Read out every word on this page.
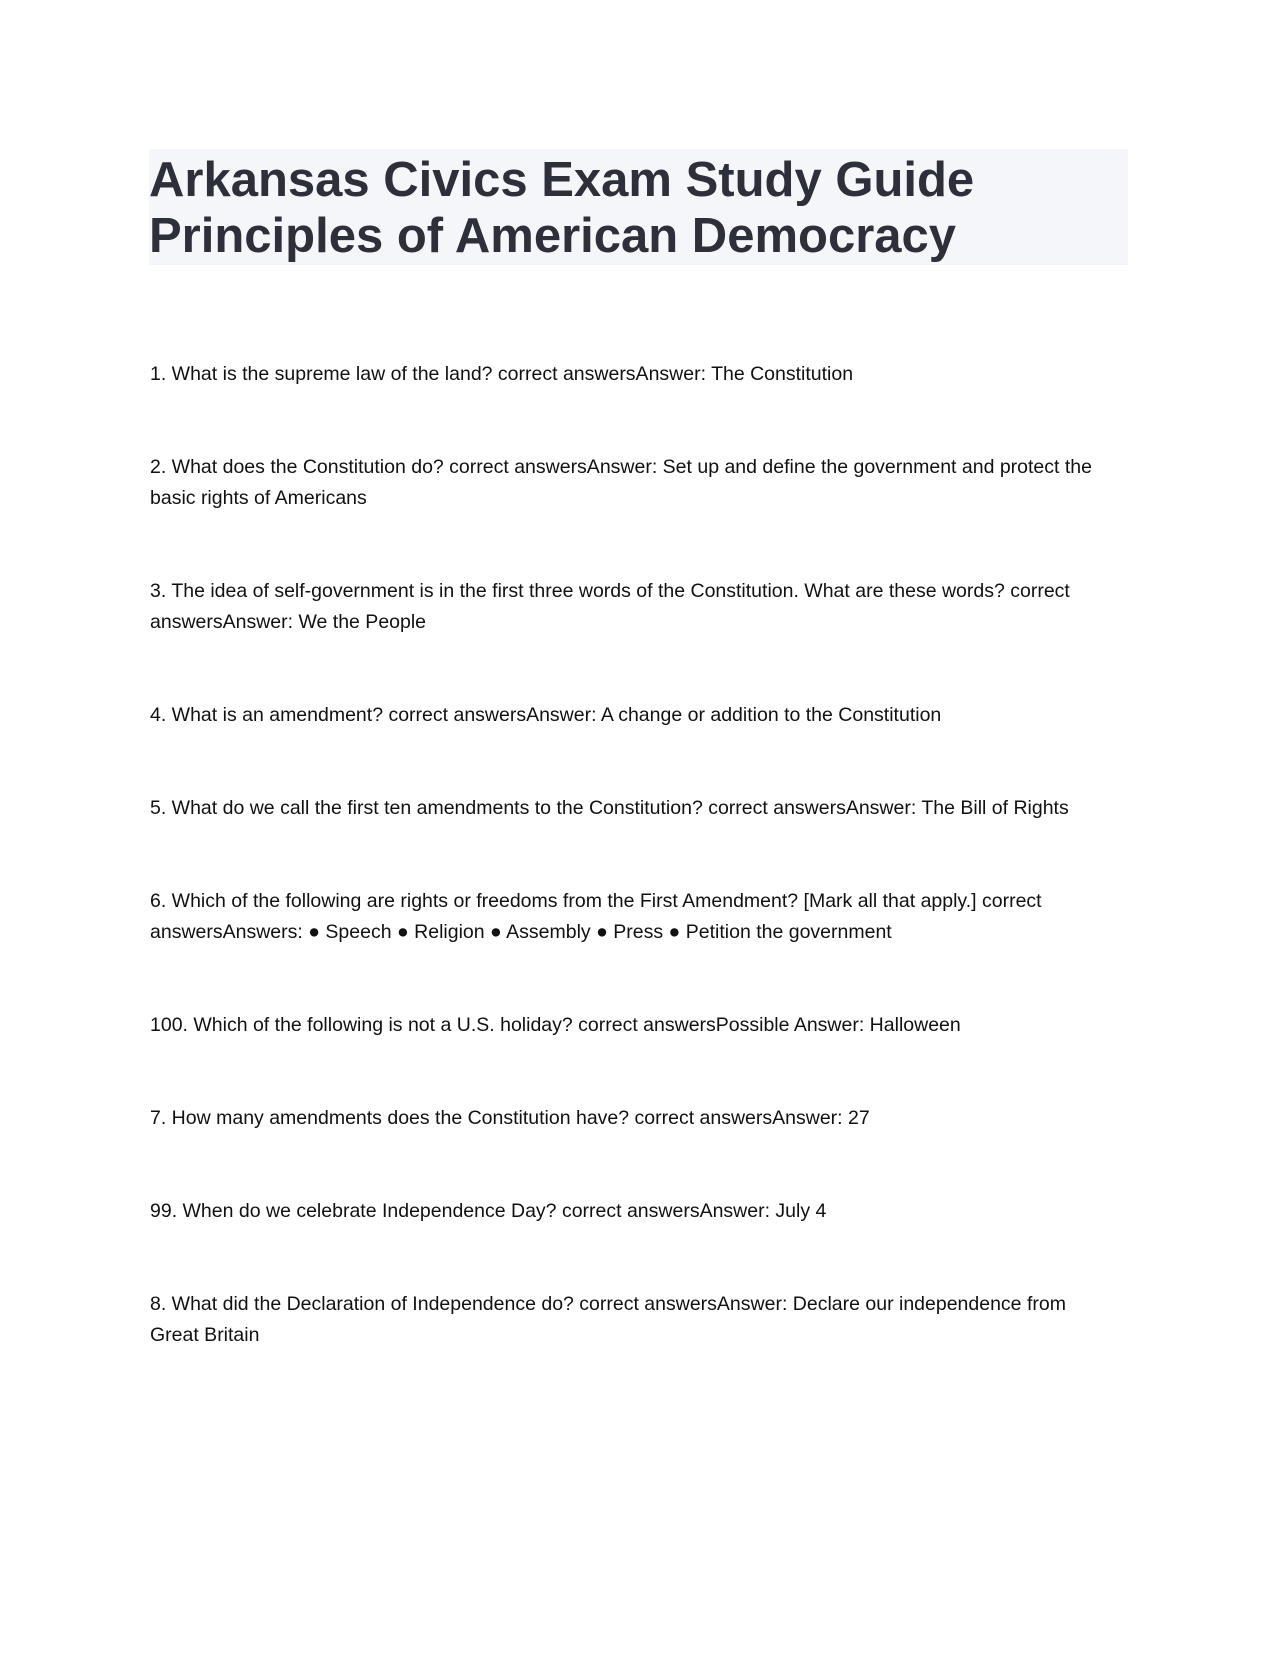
Arkansas Civics Exam Study Guide
Principles of American Democracy

1. What is the supreme law of the land? correct answersAnswer: The Constitution

2. What does the Constitution do? correct answersAnswer: Set up and define the government and protect the basic rights of Americans

3. The idea of self-government is in the first three words of the Constitution. What are these words? correct answersAnswer: We the People

4. What is an amendment? correct answersAnswer: A change or addition to the Constitution

5. What do we call the first ten amendments to the Constitution? correct answersAnswer: The Bill of Rights

6. Which of the following are rights or freedoms from the First Amendment? [Mark all that apply.] correct answersAnswers: ● Speech ● Religion ● Assembly ● Press ● Petition the government

100. Which of the following is not a U.S. holiday? correct answersPossible Answer: Halloween

7. How many amendments does the Constitution have? correct answersAnswer: 27

99. When do we celebrate Independence Day? correct answersAnswer: July 4

8. What did the Declaration of Independence do? correct answersAnswer: Declare our independence from Great Britain
